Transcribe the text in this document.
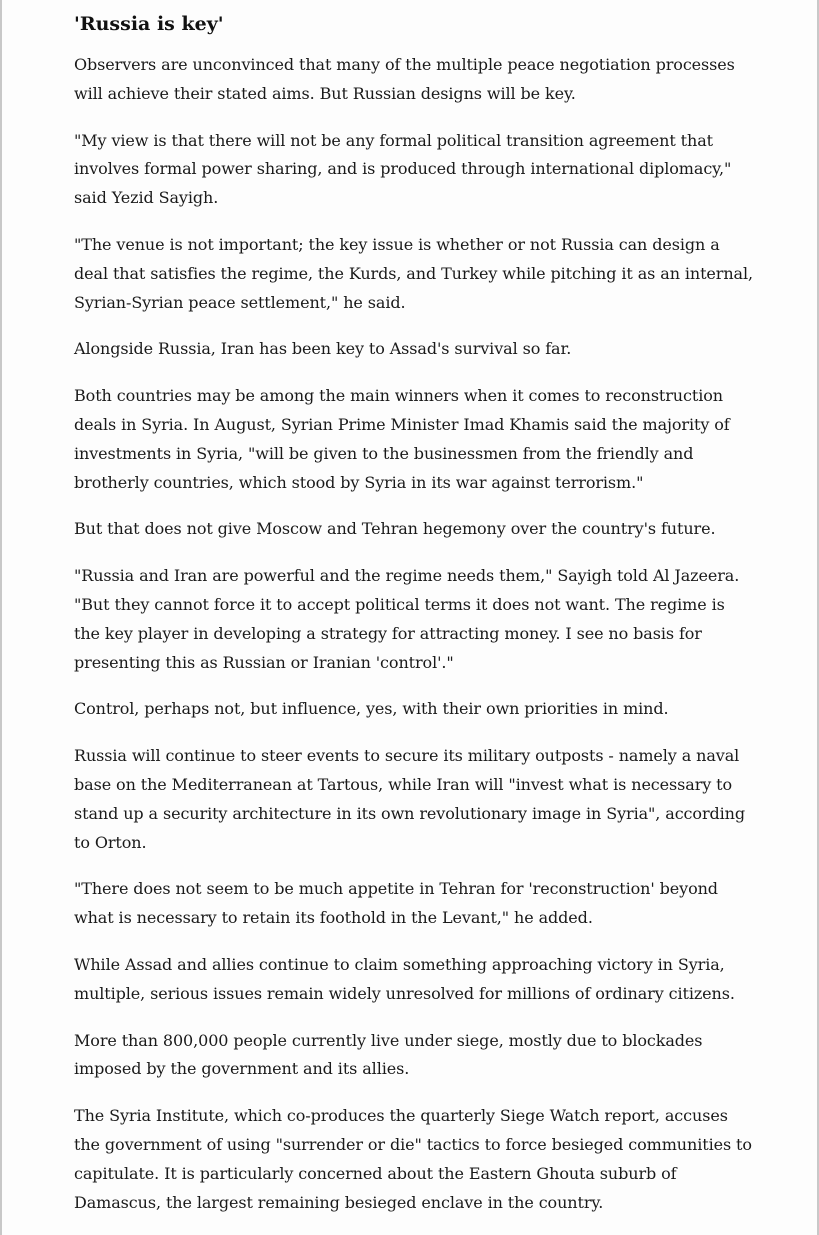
'Russia is key'

Observers are unconvinced that many of the multiple peace negotiation processes will achieve their stated aims. But Russian designs will be key.

"My view is that there will not be any formal political transition agreement that involves formal power sharing, and is produced through international diplomacy," said Yezid Sayigh.

"The venue is not important; the key issue is whether or not Russia can design a deal that satisfies the regime, the Kurds, and Turkey while pitching it as an internal, Syrian-Syrian peace settlement," he said.

Alongside Russia, Iran has been key to Assad's survival so far.

Both countries may be among the main winners when it comes to reconstruction deals in Syria. In August, Syrian Prime Minister Imad Khamis said the majority of investments in Syria, "will be given to the businessmen from the friendly and brotherly countries, which stood by Syria in its war against terrorism."

But that does not give Moscow and Tehran hegemony over the country's future.

"Russia and Iran are powerful and the regime needs them," Sayigh told Al Jazeera. "But they cannot force it to accept political terms it does not want. The regime is the key player in developing a strategy for attracting money. I see no basis for presenting this as Russian or Iranian 'control'."

Control, perhaps not, but influence, yes, with their own priorities in mind.

Russia will continue to steer events to secure its military outposts - namely a naval base on the Mediterranean at Tartous, while Iran will "invest what is necessary to stand up a security architecture in its own revolutionary image in Syria", according to Orton.

"There does not seem to be much appetite in Tehran for 'reconstruction' beyond what is necessary to retain its foothold in the Levant," he added.

While Assad and allies continue to claim something approaching victory in Syria, multiple, serious issues remain widely unresolved for millions of ordinary citizens.

More than 800,000 people currently live under siege, mostly due to blockades imposed by the government and its allies.

The Syria Institute, which co-produces the quarterly Siege Watch report, accuses the government of using "surrender or die" tactics to force besieged communities to capitulate. It is particularly concerned about the Eastern Ghouta suburb of Damascus, the largest remaining besieged enclave in the country.
